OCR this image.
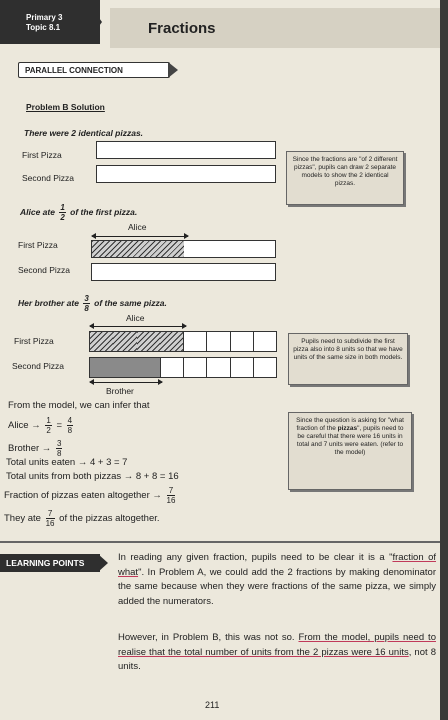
Primary 3
Topic 8.1	Fractions
PARALLEL CONNECTION
Problem B Solution
There were 2 identical pizzas.
First Pizza
Second Pizza
Since the fractions are "of 2 different pizzas", pupils can draw 2 separate models to show the 2 identical pizzas.
Alice ate $\frac{1}{2}$ of the first pizza.
Alice
First Pizza
Second Pizza
Her brother ate $\frac{3}{8}$ of the same pizza.
Alice
First Pizza
Second Pizza
Brother
Pupils need to subdivide the first pizza also into 8 units so that we have units of the same size in both models.
From the model, we can infer that
Alice → $\frac{1}{2} = \frac{4}{8}$
Brother → $\frac{3}{8}$
Total units eaten → 4 + 3 = 7
Total units from both pizzas → 8 + 8 = 16
Fraction of pizzas eaten altogether → $\frac{7}{16}$
They ate $\frac{7}{16}$ of the pizzas altogether.
Since the question is asking for "what fraction of the pizzas", pupils need to be careful that there were 16 units in total and 7 units were eaten. (refer to the model)
LEARNING POINTS	In reading any given fraction, pupils need to be clear it is a "fraction of what". In Problem A, we could add the 2 fractions by making denominator the same because when they were fractions of the same pizza, we simply added the numerators.
However, in Problem B, this was not so. From the model, pupils need to realise that the total number of units from the 2 pizzas were 16 units, not 8 units.
211
